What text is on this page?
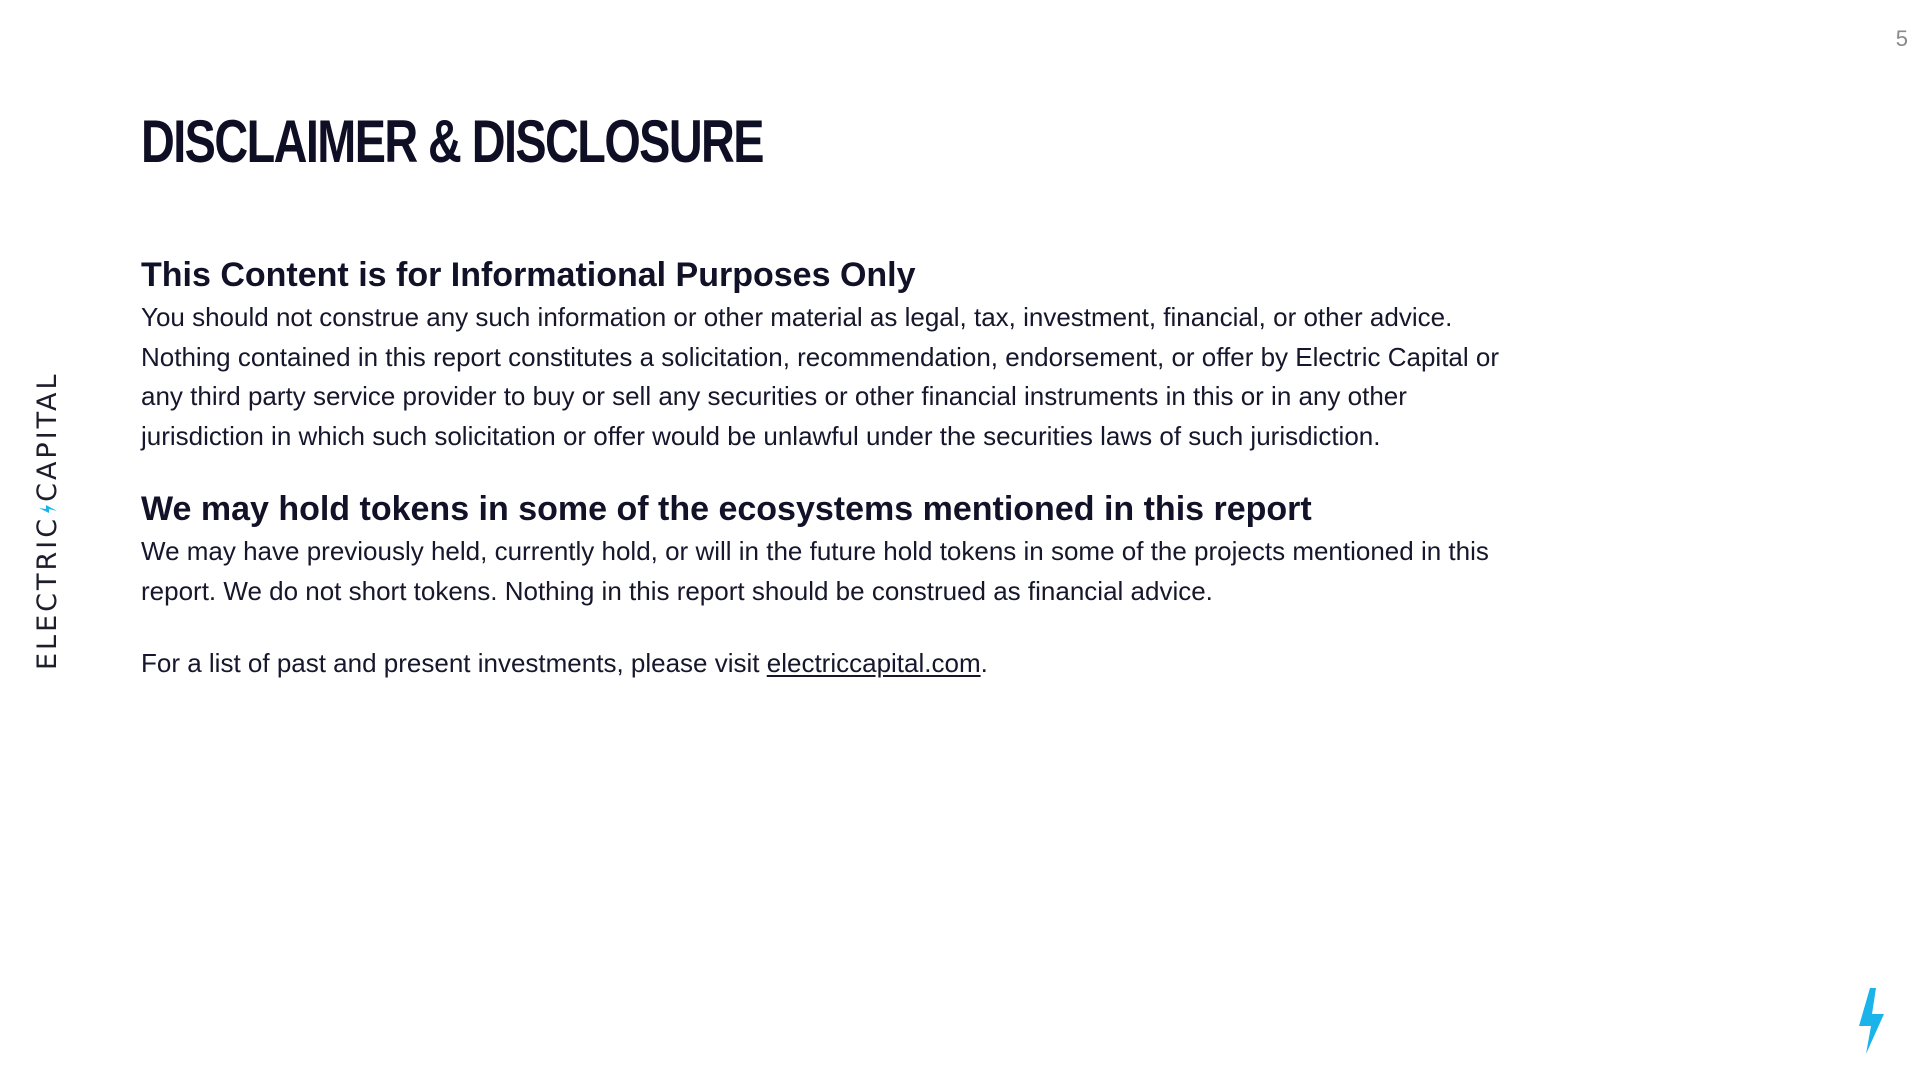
5
ELECTRIC
CAPITAL
DISCLAIMER & DISCLOSURE
This Content is for Informational Purposes Only

You should not construe any such information or other material as legal, tax, investment, financial, or other advice. Nothing contained in this report constitutes a solicitation, recommendation, endorsement, or offer by Electric Capital or any third party service provider to buy or sell any securities or other financial instruments in this or in any other jurisdiction in which such solicitation or offer would be unlawful under the securities laws of such jurisdiction.

We may hold tokens in some of the ecosystems mentioned in this report

We may have previously held, currently hold, or will in the future hold tokens in some of the projects mentioned in this report. We do not short tokens. Nothing in this report should be construed as financial advice.

For a list of past and present investments, please visit electriccapital.com.
